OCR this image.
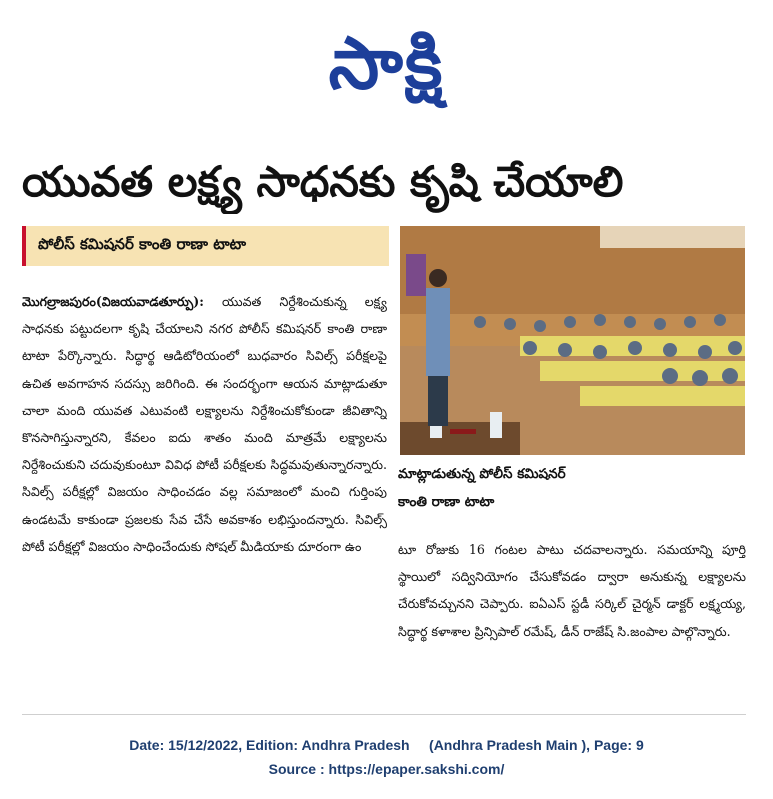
సాక్షి
యువత లక్ష్య సాధనకు కృషి చేయాలి
పోలీస్ కమిషనర్ కాంతి రాణా టాటా
మొగల్రాజపురం(విజయవాడతూర్పు): యువత నిర్దేశించుకున్న లక్ష్య సాధనకు పట్టుదలగా కృషి చేయాలని నగర పోలీస్ కమిషనర్ కాంతి రాణా టాటా పేర్కొన్నారు. సిద్ధార్థ ఆడిటోరియంలో బుధవారం సివిల్స్ పరీక్షలపై ఉచిత అవగాహన సదస్సు జరిగింది. ఈ సందర్భంగా ఆయన మాట్లాడుతూ చాలా మంది యువత ఎటువంటి లక్ష్యాలను నిర్దేశించుకోకుండా జీవితాన్ని కొనసాగిస్తున్నారని, కేవలం ఐదు శాతం మంది మాత్రమే లక్ష్యాలను నిర్దేశించుకుని చదువుకుంటూ వివిధ పోటీ పరీక్షలకు సిద్ధమవుతున్నారన్నారు. సివిల్స్ పరీక్షల్లో విజయం సాధించడం వల్ల సమాజంలో మంచి గుర్తింపు ఉండటమే కాకుండా ప్రజలకు సేవ చేసే అవకాశం లభిస్తుందన్నారు. సివిల్స్ పోటీ పరీక్షల్లో విజయం సాధించేందుకు సోషల్ మీడియాకు దూరంగా ఉం
మాట్లాడుతున్న పోలీస్ కమిషనర్
కాంతి రాణా టాటా
టూ రోజుకు 16 గంటల పాటు చదవాలన్నారు. సమయాన్ని పూర్తి స్థాయిలో సద్వినియోగం చేసుకోవడం ద్వారా అనుకున్న లక్ష్యాలను చేరుకోవచ్చునని చెప్పారు. ఐఏఎస్ స్టడీ సర్కిల్ చైర్మన్ డాక్టర్ లక్ష్మయ్య, సిద్ధార్థ కళాశాల ప్రిన్సిపాల్ రమేష్, డీన్ రాజేష్ సి.జంపాల పాల్గొన్నారు.
Date: 15/12/2022, Edition: Andhra Pradesh     (Andhra Pradesh Main ), Page: 9
Source : https://epaper.sakshi.com/
